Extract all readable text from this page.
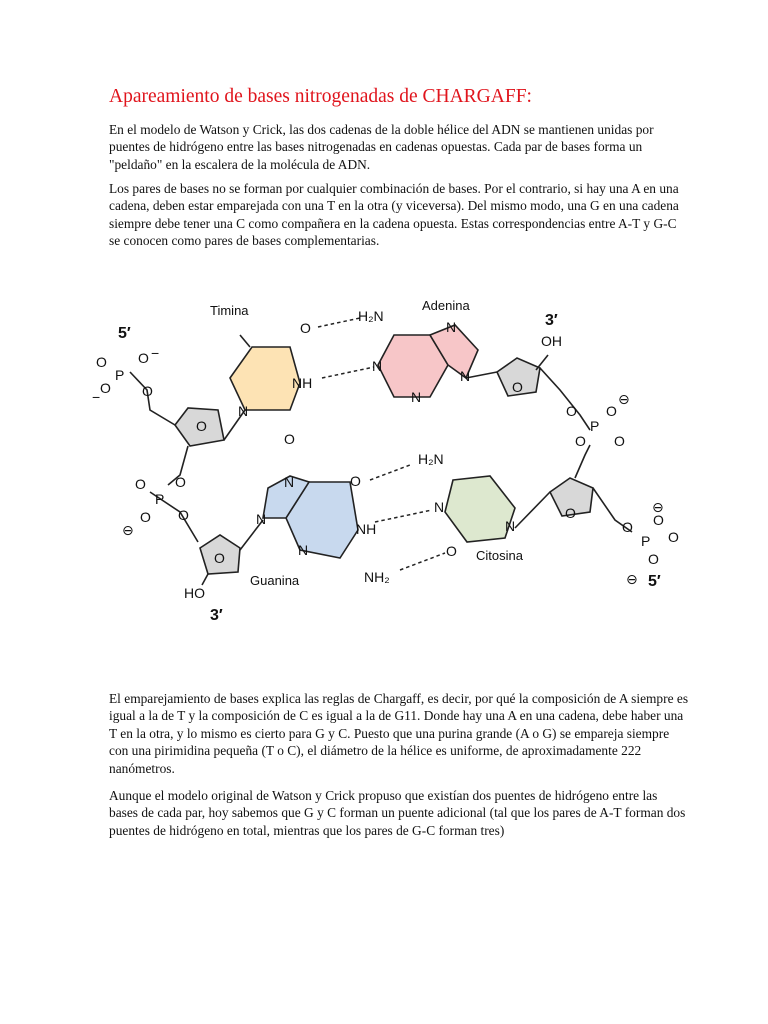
Apareamiento de bases nitrogenadas de CHARGAFF:

En el modelo de Watson y Crick, las dos cadenas de la doble hélice del ADN se mantienen unidas por puentes de hidrógeno entre las bases nitrogenadas en cadenas opuestas. Cada par de bases forma un "peldaño" en la escalera de la molécula de ADN.

Los pares de bases no se forman por cualquier combinación de bases. Por el contrario, si hay una A en una cadena, deben estar emparejada con una T en la otra (y viceversa). Del mismo modo, una G en una cadena siempre debe tener una C como compañera en la cadena opuesta. Estas correspondencias entre A-T y G-C se conocen como pares de bases complementarias.

Timina	Adenina
Guanina
Citosina
5′
3′
3′
5′
O
NH
N
O
H₂N
N
N
N
N
O O −
P
O
−	O
O
O
O
P
O
O
⊖
N	O
N
NH
N
NH₂
O
HO
H₂N
N
O
N
OH
O
O
P
O O
O
⊖
O
O
P
O
O
O
⊖
⊖

El emparejamiento de bases explica las reglas de Chargaff, es decir, por qué la composición de A siempre es igual a la de T y la composición de C es igual a la de G11. Donde hay una A en una cadena, debe haber una T en la otra, y lo mismo es cierto para G y C. Puesto que una purina grande (A o G) se empareja siempre con una pirimidina pequeña (T o C), el diámetro de la hélice es uniforme, de aproximadamente 222 nanómetros.

Aunque el modelo original de Watson y Crick propuso que existían dos puentes de hidrógeno entre las bases de cada par, hoy sabemos que G y C forman un puente adicional (tal que los pares de A-T forman dos puentes de hidrógeno en total, mientras que los pares de G-C forman tres)
